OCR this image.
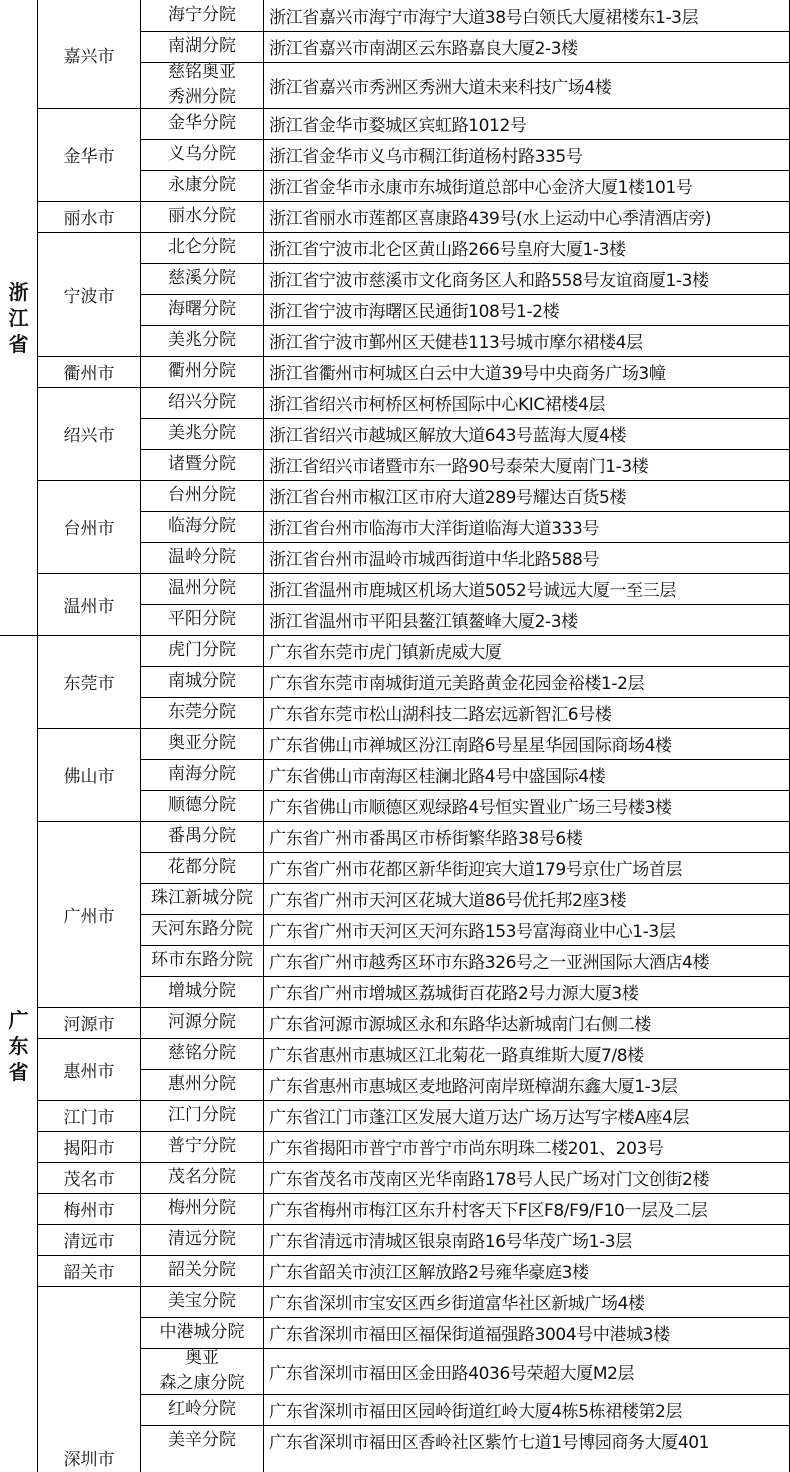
海宁分院	浙江省嘉兴市海宁市海宁大道38号白领氏大厦裙楼东1-3层
南湖分院	浙江省嘉兴市南湖区云东路嘉良大厦2-3楼
慈铭奥亚
秀洲分院 浙江省嘉兴市秀洲区秀洲大道未来科技广场4楼
嘉兴市
金华分院	浙江省金华市婺城区宾虹路1012号
义乌分院	浙江省金华市义乌市稠江街道杨村路335号
永康分院	浙江省金华市永康市东城街道总部中心金济大厦1楼101号
金华市
丽水分院	浙江省丽水市莲都区喜康路439号(水上运动中心季清酒店旁)
丽水市
北仑分院	浙江省宁波市北仑区黄山路266号皇府大厦1-3楼
慈溪分院	浙江省宁波市慈溪市文化商务区人和路558号友谊商厦1-3楼
海曙分院	浙江省宁波市海曙区民通街108号1-2楼
美兆分院	浙江省宁波市鄞州区天健巷113号城市摩尔裙楼4层
宁波市
衢州分院	浙江省衢州市柯城区白云中大道39号中央商务广场3幢
衢州市
绍兴分院	浙江省绍兴市柯桥区柯桥国际中心KIC裙楼4层
美兆分院	浙江省绍兴市越城区解放大道643号蓝海大厦4楼
诸暨分院	浙江省绍兴市诸暨市东一路90号泰荣大厦南门1-3楼
绍兴市
台州分院	浙江省台州市椒江区市府大道289号耀达百货5楼
临海分院	浙江省台州市临海市大洋街道临海大道333号
温岭分院	浙江省台州市温岭市城西街道中华北路588号
台州市
温州分院	浙江省温州市鹿城区机场大道5052号诚远大厦一至三层
平阳分院	浙江省温州市平阳县鳌江镇鳌峰大厦2-3楼
温州市
浙江省
虎门分院	广东省东莞市虎门镇新虎威大厦
南城分院	广东省东莞市南城街道元美路黄金花园金裕楼1-2层
东莞分院	广东省东莞市松山湖科技二路宏远新智汇6号楼
东莞市
奥亚分院	广东省佛山市禅城区汾江南路6号星星华园国际商场4楼
南海分院	广东省佛山市南海区桂澜北路4号中盛国际4楼
顺德分院	广东省佛山市顺德区观绿路4号恒实置业广场三号楼3楼
佛山市
番禺分院	广东省广州市番禺区市桥街繁华路38号6楼
花都分院	广东省广州市花都区新华街迎宾大道179号京仕广场首层
珠江新城分院 广东省广州市天河区花城大道86号优托邦2座3楼
天河东路分院 广东省广州市天河区天河东路153号富海商业中心1-3层
环市东路分院 广东省广州市越秀区环市东路326号之一亚洲国际大酒店4楼
增城分院	广东省广州市增城区荔城街百花路2号力源大厦3楼
广州市
河源分院	广东省河源市源城区永和东路华达新城南门右侧二楼
河源市
慈铭分院	广东省惠州市惠城区江北菊花一路真维斯大厦7/8楼
惠州分院	广东省惠州市惠城区麦地路河南岸斑樟湖东鑫大厦1-3层
惠州市
江门分院	广东省江门市蓬江区发展大道万达广场万达写字楼A座4层
江门市
普宁分院	广东省揭阳市普宁市普宁市尚东明珠二楼201、203号
揭阳市
茂名分院	广东省茂名市茂南区光华南路178号人民广场对门文创街2楼
茂名市
梅州分院	广东省梅州市梅江区东升村客天下F区F8/F9/F10一层及二层
梅州市
清远分院	广东省清远市清城区银泉南路16号华茂广场1-3层
清远市
韶关分院	广东省韶关市浈江区解放路2号雍华豪庭3楼
韶关市
美宝分院	广东省深圳市宝安区西乡街道富华社区新城广场4楼
中港城分院	广东省深圳市福田区福保街道福强路3004号中港城3楼
奥亚
森之康分院 广东省深圳市福田区金田路4036号荣超大厦M2层
红岭分院	广东省深圳市福田区园岭街道红岭大厦4栋5栋裙楼第2层
美辛分院	广东省深圳市福田区香岭社区紫竹七道1号博园商务大厦401
深圳市
广东省
